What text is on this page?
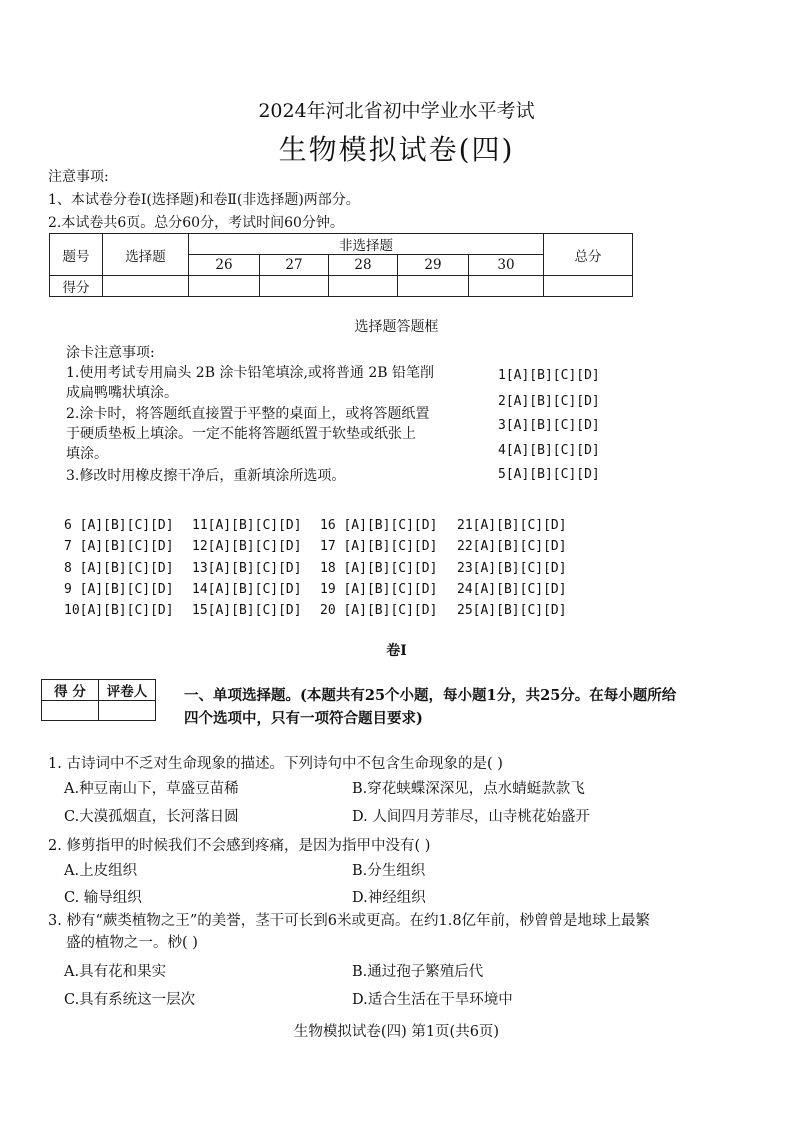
2024年河北省初中学业水平考试
生物模拟试卷(四)
注意事项:
1、本试卷分卷Ⅰ(选择题)和卷Ⅱ(非选择题)两部分。
2.本试卷共6页。总分60分，考试时间60分钟。
题号	选择题	非选择题					总分
		26	27	28	29	30	
得分							
选择题答题框
涂卡注意事项:
1.使用考试专用扁头 2B 涂卡铅笔填涂,或将普通 2B 铅笔削
成扁鸭嘴状填涂。
2.涂卡时，将答题纸直接置于平整的桌面上，或将答题纸置
于硬质垫板上填涂。一定不能将答题纸置于软垫或纸张上
填涂。
3.修改时用橡皮擦干净后，重新填涂所选项。
1[A][B][C][D]
2[A][B][C][D]
3[A][B][C][D]
4[A][B][C][D]
5[A][B][C][D]
6 [A][B][C][D] 11[A][B][C][D] 16 [A][B][C][D] 21[A][B][C][D]
7 [A][B][C][D] 12[A][B][C][D] 17 [A][B][C][D] 22[A][B][C][D]
8 [A][B][C][D] 13[A][B][C][D] 18 [A][B][C][D] 23[A][B][C][D]
9 [A][B][C][D] 14[A][B][C][D] 19 [A][B][C][D] 24[A][B][C][D]
10[A][B][C][D] 15[A][B][C][D] 20 [A][B][C][D] 25[A][B][C][D]
卷Ⅰ
得 分	评卷人
		一、单项选择题。(本题共有25个小题，每小题1分，共25分。在每小题所给
四个选项中，只有一项符合题目要求)
1. 古诗词中不乏对生命现象的描述。下列诗句中不包含生命现象的是( )
A.种豆南山下，草盛豆苗稀	B.穿花蛱蝶深深见，点水蜻蜓款款飞
C.大漠孤烟直，长河落日圆	D. 人间四月芳菲尽，山寺桃花始盛开
2. 修剪指甲的时候我们不会感到疼痛，是因为指甲中没有( )
A.上皮组织	B.分生组织
C. 输导组织	D.神经组织
3. 桫有“蕨类植物之王”的美誉，茎干可长到6米或更高。在约1.8亿年前，桫曾曾是地球上最繁
盛的植物之一。桫( )
A.具有花和果实	B.通过孢子繁殖后代
C.具有系统这一层次	D.适合生活在干旱环境中
生物模拟试卷(四) 第1页(共6页)
